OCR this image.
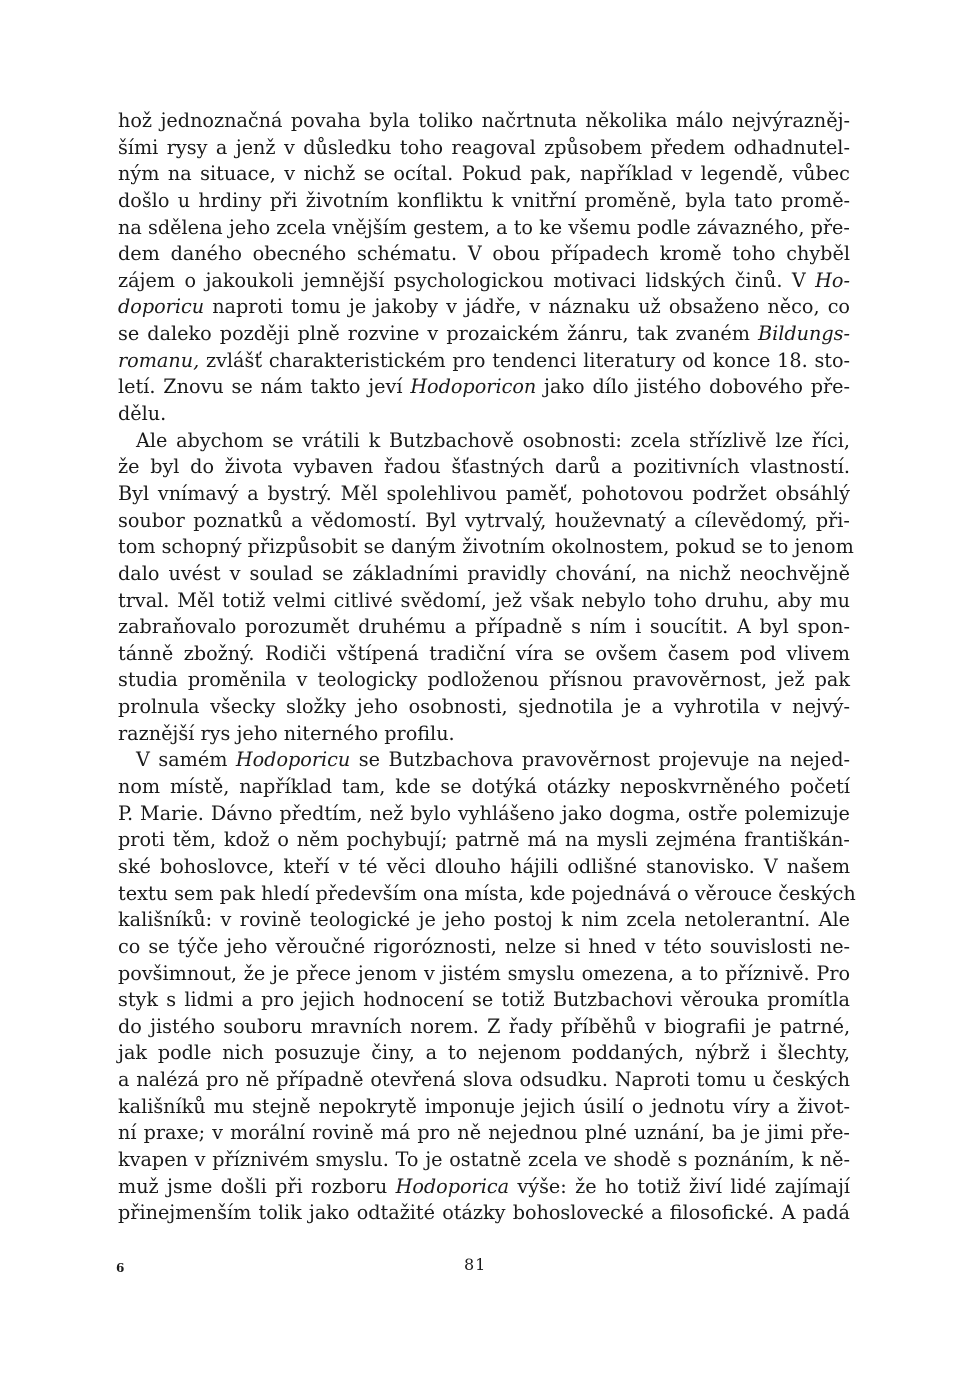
hož jednoznačná povaha byla toliko načrtnuta několika málo nejvýrazněj-
šími rysy a jenž v důsledku toho reagoval způsobem předem odhadnutel-
ným na situace, v nichž se ocítal. Pokud pak, například v legendě, vůbec
došlo u hrdiny při životním konfliktu k vnitřní proměně, byla tato promě-
na sdělena jeho zcela vnějším gestem, a to ke všemu podle závazného, pře-
dem daného obecného schématu. V obou případech kromě toho chyběl
zájem o jakoukoli jemnější psychologickou motivaci lidských činů. V Ho-
doporicu naproti tomu je jakoby v jádře, v náznaku už obsaženo něco, co
se daleko později plně rozvine v prozaickém žánru, tak zvaném Bildungs-
romanu, zvlášť charakteristickém pro tendenci literatury od konce 18. sto-
letí. Znovu se nám takto jeví Hodoporicon jako dílo jistého dobového pře-
dělu.
Ale abychom se vrátili k Butzbachově osobnosti: zcela střízlivě lze říci,
že byl do života vybaven řadou šťastných darů a pozitivních vlastností.
Byl vnímavý a bystrý. Měl spolehlivou paměť, pohotovou podržet obsáhlý
soubor poznatků a vědomostí. Byl vytrvalý, houževnatý a cílevědomý, při-
tom schopný přizpůsobit se daným životním okolnostem, pokud se to jenom
dalo uvést v soulad se základními pravidly chování, na nichž neochvějně
trval. Měl totiž velmi citlivé svědomí, jež však nebylo toho druhu, aby mu
zabraňovalo porozumět druhému a případně s ním i soucítit. A byl spon-
tánně zbožný. Rodiči vštípená tradiční víra se ovšem časem pod vlivem
studia proměnila v teologicky podloženou přísnou pravověrnost, jež pak
prolnula všecky složky jeho osobnosti, sjednotila je a vyhrotila v nejvý-
raznější rys jeho niterného profilu.
V samém Hodoporicu se Butzbachova pravověrnost projevuje na nejed-
nom místě, například tam, kde se dotýká otázky neposkvrněného početí
P. Marie. Dávno předtím, než bylo vyhlášeno jako dogma, ostře polemizuje
proti těm, kdož o něm pochybují; patrně má na mysli zejména františkán-
ské bohoslovce, kteří v té věci dlouho hájili odlišné stanovisko. V našem
textu sem pak hledí především ona místa, kde pojednává o věrouce českých
kališníků: v rovině teologické je jeho postoj k nim zcela netolerantní. Ale
co se týče jeho věroučné rigoróznosti, nelze si hned v této souvislosti ne-
povšimnout, že je přece jenom v jistém smyslu omezena, a to příznivě. Pro
styk s lidmi a pro jejich hodnocení se totiž Butzbachovi věrouka promítla
do jistého souboru mravních norem. Z řady příběhů v biografii je patrné,
jak podle nich posuzuje činy, a to nejenom poddaných, nýbrž i šlechty,
a nalézá pro ně případně otevřená slova odsudku. Naproti tomu u českých
kališníků mu stejně nepokrytě imponuje jejich úsilí o jednotu víry a život-
ní praxe; v morální rovině má pro ně nejednou plné uznání, ba je jimi pře-
kvapen v příznivém smyslu. To je ostatně zcela ve shodě s poznáním, k ně-
muž jsme došli při rozboru Hodoporica výše: že ho totiž živí lidé zajímají
přinejmenším tolik jako odtažité otázky bohoslovecké a filosofické. A padá
6	81
